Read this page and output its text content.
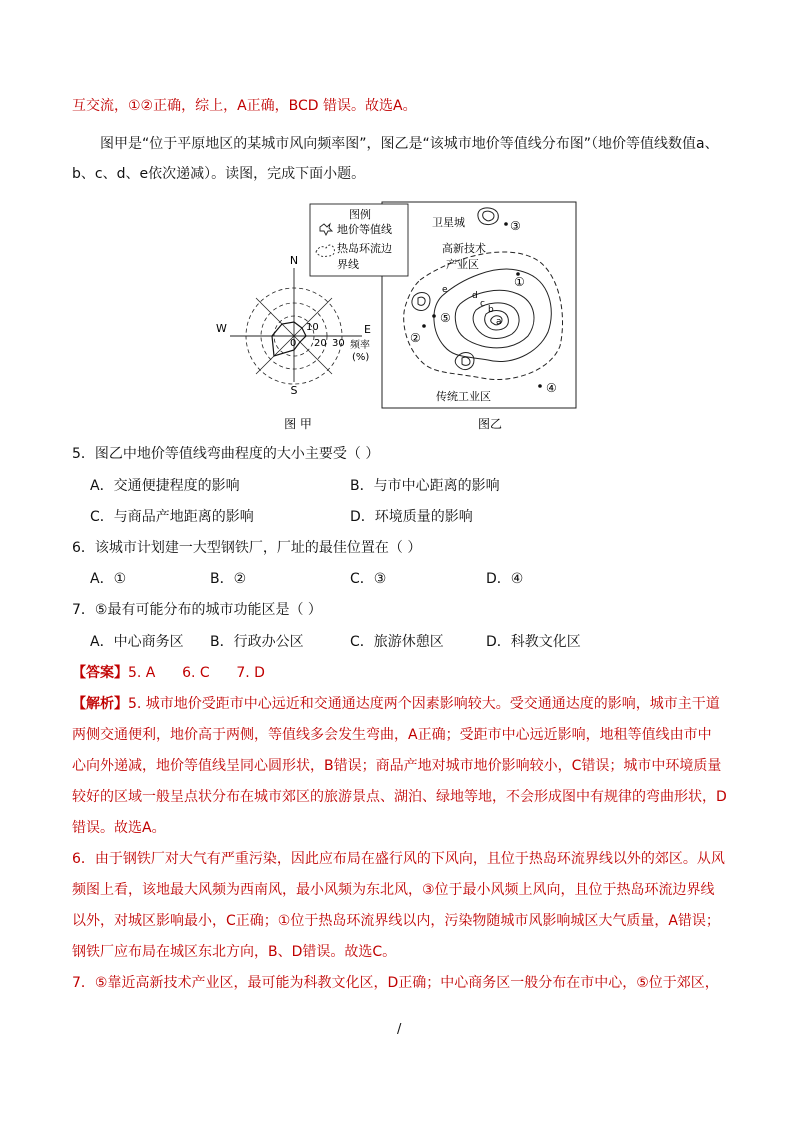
互交流，①②正确，综上，A正确，BCD 错误。故选A。
图甲是“位于平原地区的某城市风向频率图”，图乙是“该城市地价等值线分布图”（地价等值线数值a、
b、c、d、e依次递减）。读图，完成下面小题。
N
S
E
W
0
10
20 30 频率
(%)
图 甲
图例
地价等值线
热岛环流边
界线
a
b
c
d
e
③
①
⑤
②
④
卫星城
高新技术
产业区
传统工业区
图乙
5．图乙中地价等值线弯曲程度的大小主要受（ ）
A．交通便捷程度的影响	B．与市中心距离的影响
C．与商品产地距离的影响	D．环境质量的影响
6．该城市计划建一大型钢铁厂，厂址的最佳位置在（ ）
A．①	B．②	C．③	D．④
7．⑤最有可能分布的城市功能区是（ ）
A．中心商务区 B．行政办公区	C．旅游休憩区	D．科教文化区
【答案】5. A      6. C      7. D
【解析】5. 城市地价受距市中心远近和交通通达度两个因素影响较大。受交通通达度的影响，城市主干道
两侧交通便利，地价高于两侧，等值线多会发生弯曲，A正确；受距市中心远近影响，地租等值线由市中
心向外递减，地价等值线呈同心圆形状，B错误；商品产地对城市地价影响较小，C错误；城市中环境质量
较好的区域一般呈点状分布在城市郊区的旅游景点、湖泊、绿地等地，不会形成图中有规律的弯曲形状，D
错误。故选A。
6．由于钢铁厂对大气有严重污染，因此应布局在盛行风的下风向，且位于热岛环流界线以外的郊区。从风
频图上看，该地最大风频为西南风，最小风频为东北风，③位于最小风频上风向，且位于热岛环流边界线
以外，对城区影响最小，C正确；①位于热岛环流界线以内，污染物随城市风影响城区大气质量，A错误；
钢铁厂应布局在城区东北方向，B、D错误。故选C。
7．⑤靠近高新技术产业区，最可能为科教文化区，D正确；中心商务区一般分布在市中心，⑤位于郊区，
/
